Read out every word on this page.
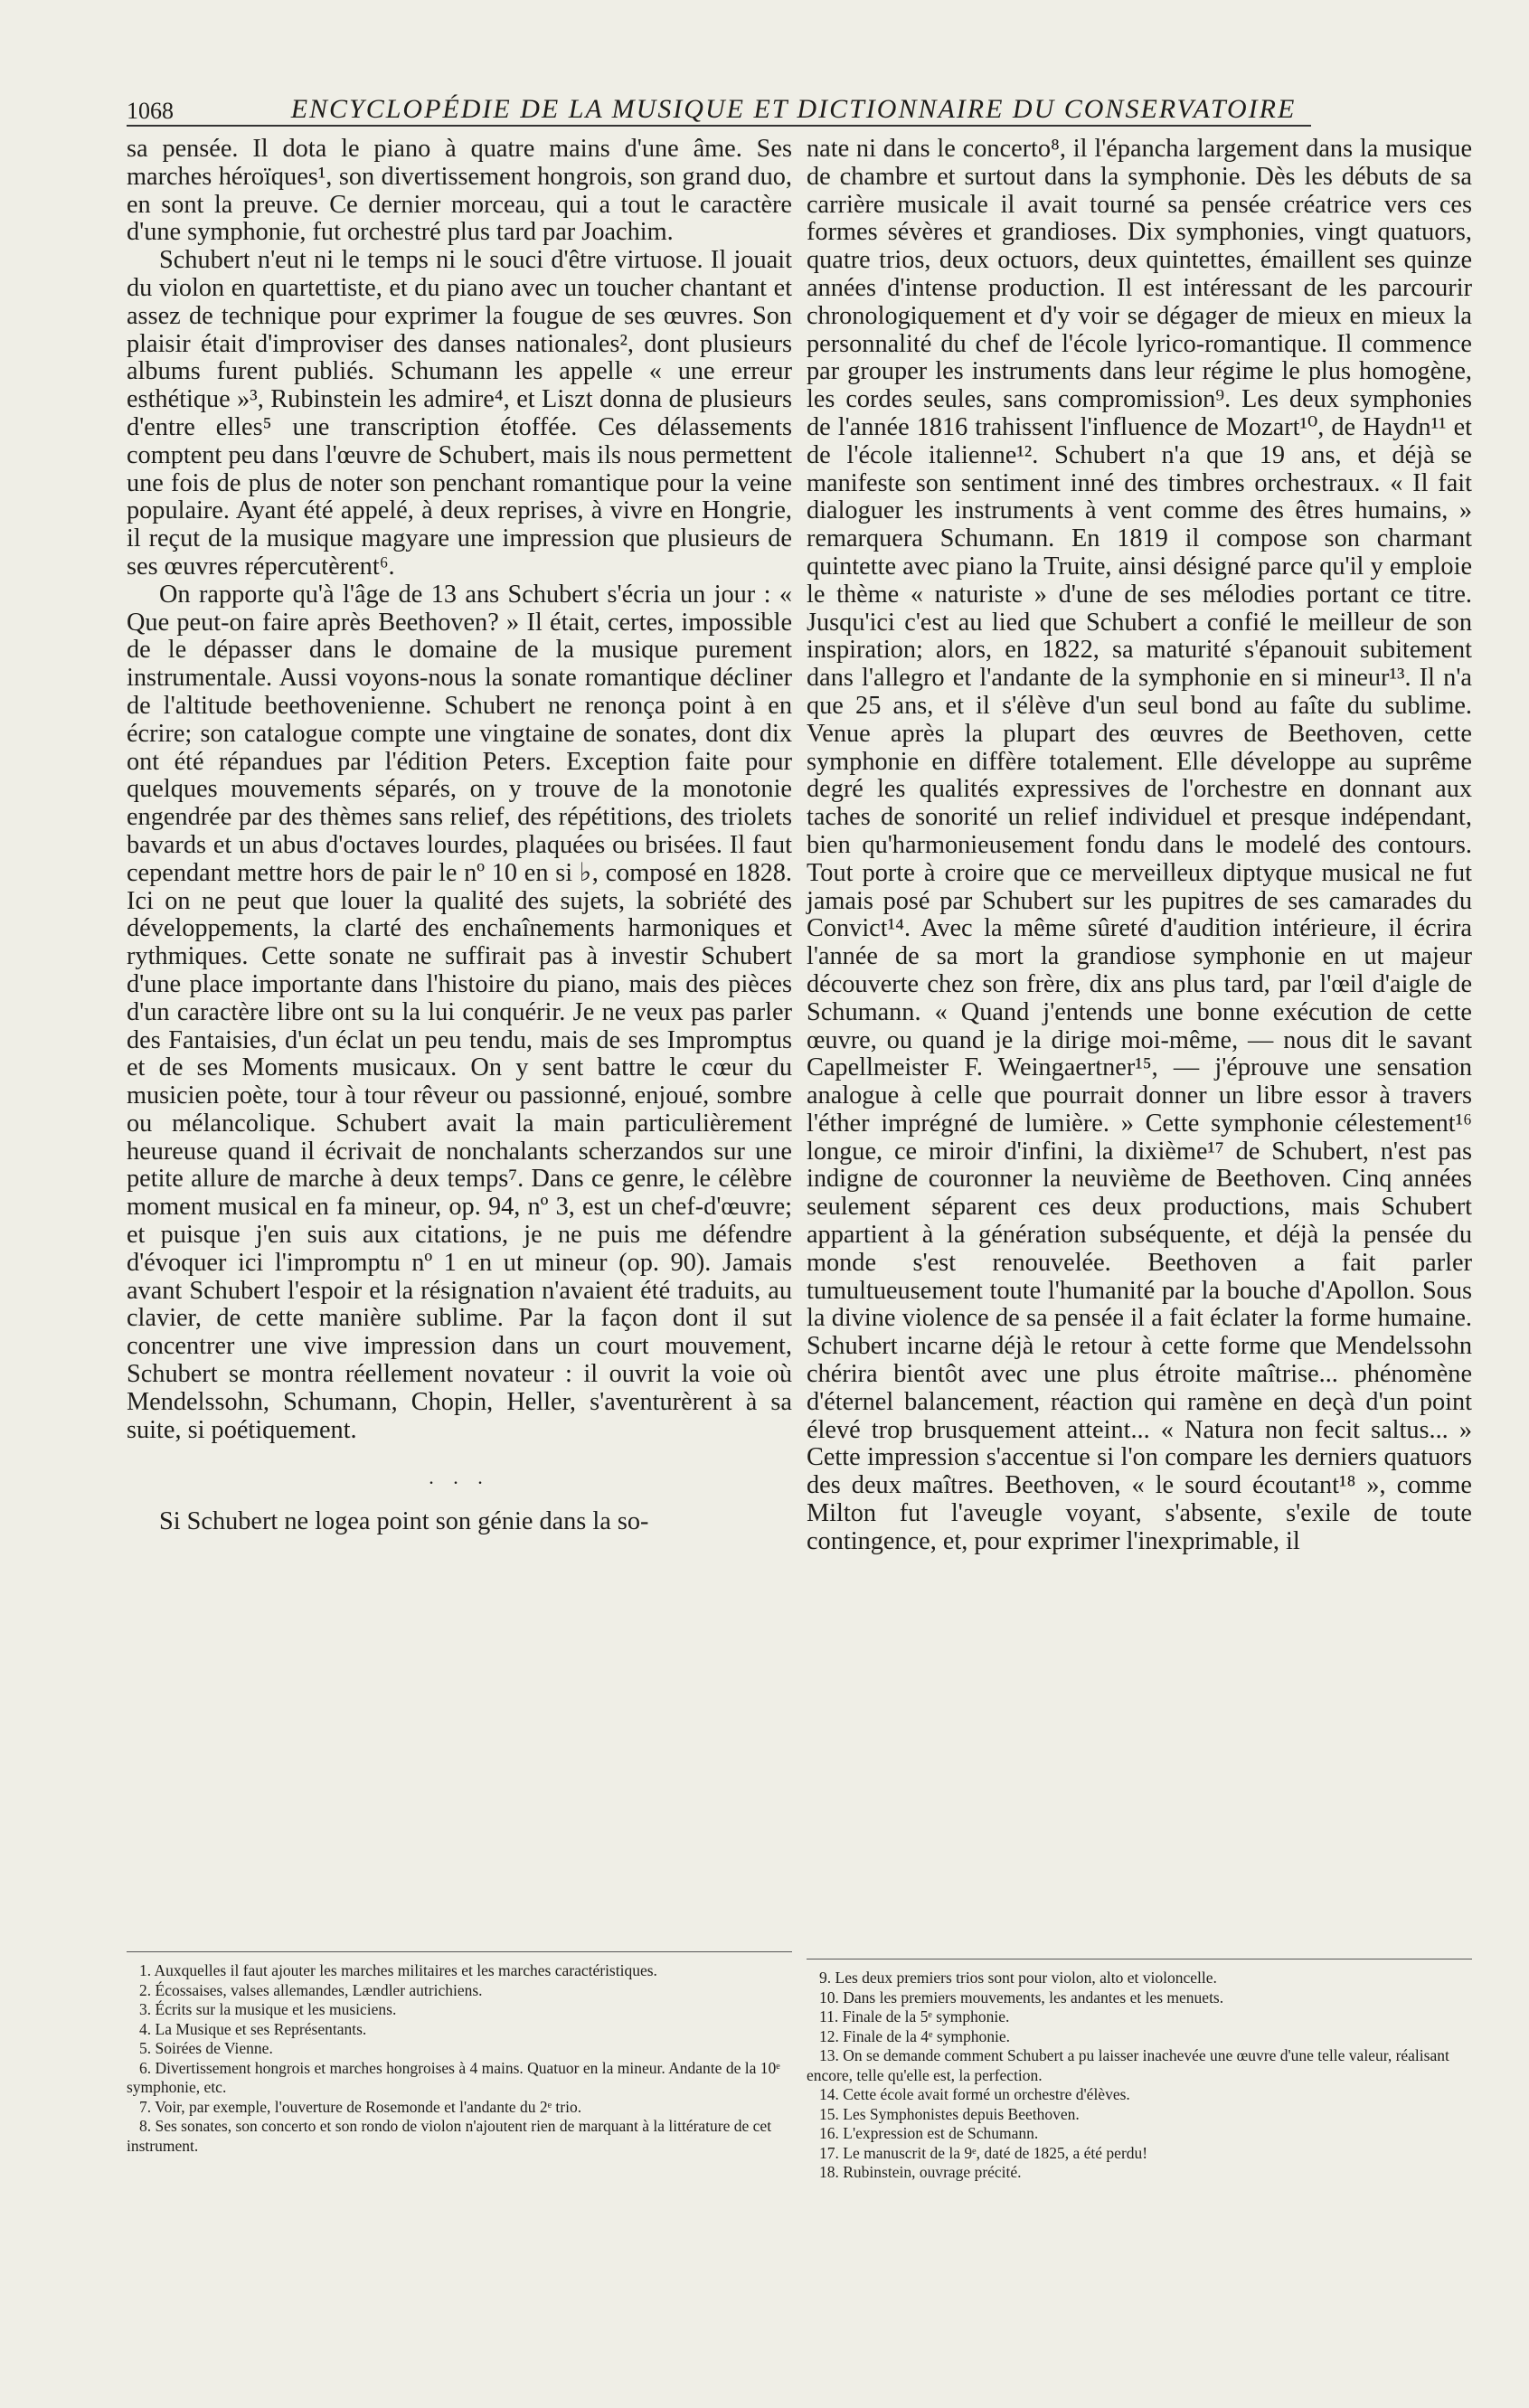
1068	ENCYCLOPÉDIE DE LA MUSIQUE ET DICTIONNAIRE DU CONSERVATOIRE

sa pensée. Il dota le piano à quatre mains d'une âme. Ses marches héroïques¹, son divertissement hongrois, son grand duo, en sont la preuve. Ce dernier morceau, qui a tout le caractère d'une symphonie, fut orchestré plus tard par Joachim.

Schubert n'eut ni le temps ni le souci d'être virtuose. Il jouait du violon en quartettiste, et du piano avec un toucher chantant et assez de technique pour exprimer la fougue de ses œuvres. Son plaisir était d'improviser des danses nationales², dont plusieurs albums furent publiés. Schumann les appelle « une erreur esthétique »³, Rubinstein les admire⁴, et Liszt donna de plusieurs d'entre elles⁵ une transcription étoffée. Ces délassements comptent peu dans l'œuvre de Schubert, mais ils nous permettent une fois de plus de noter son penchant romantique pour la veine populaire. Ayant été appelé, à deux reprises, à vivre en Hongrie, il reçut de la musique magyare une impression que plusieurs de ses œuvres répercutèrent⁶.

On rapporte qu'à l'âge de 13 ans Schubert s'écria un jour : « Que peut-on faire après Beethoven? » Il était, certes, impossible de le dépasser dans le domaine de la musique purement instrumentale. Aussi voyons-nous la sonate romantique décliner de l'altitude beethovenienne. Schubert ne renonça point à en écrire; son catalogue compte une vingtaine de sonates, dont dix ont été répandues par l'édition Peters. Exception faite pour quelques mouvements séparés, on y trouve de la monotonie engendrée par des thèmes sans relief, des répétitions, des triolets bavards et un abus d'octaves lourdes, plaquées ou brisées. Il faut cependant mettre hors de pair le nº 10 en si ♭, composé en 1828. Ici on ne peut que louer la qualité des sujets, la sobriété des développements, la clarté des enchaînements harmoniques et rythmiques. Cette sonate ne suffirait pas à investir Schubert d'une place importante dans l'histoire du piano, mais des pièces d'un caractère libre ont su la lui conquérir. Je ne veux pas parler des Fantaisies, d'un éclat un peu tendu, mais de ses Impromptus et de ses Moments musicaux. On y sent battre le cœur du musicien poète, tour à tour rêveur ou passionné, enjoué, sombre ou mélancolique. Schubert avait la main particulièrement heureuse quand il écrivait de nonchalants scherzandos sur une petite allure de marche à deux temps⁷. Dans ce genre, le célèbre moment musical en fa mineur, op. 94, nº 3, est un chef-d'œuvre; et puisque j'en suis aux citations, je ne puis me défendre d'évoquer ici l'impromptu nº 1 en ut mineur (op. 90). Jamais avant Schubert l'espoir et la résignation n'avaient été traduits, au clavier, de cette manière sublime. Par la façon dont il sut concentrer une vive impression dans un court mouvement, Schubert se montra réellement novateur : il ouvrit la voie où Mendelssohn, Schumann, Chopin, Heller, s'aventurèrent à sa suite, si poétiquement.

. . .

Si Schubert ne logea point son génie dans la so-

nate ni dans le concerto⁸, il l'épancha largement dans la musique de chambre et surtout dans la symphonie. Dès les débuts de sa carrière musicale il avait tourné sa pensée créatrice vers ces formes sévères et grandioses. Dix symphonies, vingt quatuors, quatre trios, deux octuors, deux quintettes, émaillent ses quinze années d'intense production. Il est intéressant de les parcourir chronologiquement et d'y voir se dégager de mieux en mieux la personnalité du chef de l'école lyrico-romantique. Il commence par grouper les instruments dans leur régime le plus homogène, les cordes seules, sans compromission⁹. Les deux symphonies de l'année 1816 trahissent l'influence de Mozart¹⁰, de Haydn¹¹ et de l'école italienne¹². Schubert n'a que 19 ans, et déjà se manifeste son sentiment inné des timbres orchestraux. « Il fait dialoguer les instruments à vent comme des êtres humains, » remarquera Schumann. En 1819 il compose son charmant quintette avec piano la Truite, ainsi désigné parce qu'il y emploie le thème « naturiste » d'une de ses mélodies portant ce titre. Jusqu'ici c'est au lied que Schubert a confié le meilleur de son inspiration; alors, en 1822, sa maturité s'épanouit subitement dans l'allegro et l'andante de la symphonie en si mineur¹³. Il n'a que 25 ans, et il s'élève d'un seul bond au faîte du sublime. Venue après la plupart des œuvres de Beethoven, cette symphonie en diffère totalement. Elle développe au suprême degré les qualités expressives de l'orchestre en donnant aux taches de sonorité un relief individuel et presque indépendant, bien qu'harmonieusement fondu dans le modelé des contours. Tout porte à croire que ce merveilleux diptyque musical ne fut jamais posé par Schubert sur les pupitres de ses camarades du Convict¹⁴. Avec la même sûreté d'audition intérieure, il écrira l'année de sa mort la grandiose symphonie en ut majeur découverte chez son frère, dix ans plus tard, par l'œil d'aigle de Schumann. « Quand j'entends une bonne exécution de cette œuvre, ou quand je la dirige moi-même, — nous dit le savant Capellmeister F. Weingaertner¹⁵, — j'éprouve une sensation analogue à celle que pourrait donner un libre essor à travers l'éther imprégné de lumière. » Cette symphonie célestement¹⁶ longue, ce miroir d'infini, la dixième¹⁷ de Schubert, n'est pas indigne de couronner la neuvième de Beethoven. Cinq années seulement séparent ces deux productions, mais Schubert appartient à la génération subséquente, et déjà la pensée du monde s'est renouvelée. Beethoven a fait parler tumultueusement toute l'humanité par la bouche d'Apollon. Sous la divine violence de sa pensée il a fait éclater la forme humaine. Schubert incarne déjà le retour à cette forme que Mendelssohn chérira bientôt avec une plus étroite maîtrise... phénomène d'éternel balancement, réaction qui ramène en deçà d'un point élevé trop brusquement atteint... « Natura non fecit saltus... » Cette impression s'accentue si l'on compare les derniers quatuors des deux maîtres. Beethoven, « le sourd écoutant¹⁸ », comme Milton fut l'aveugle voyant, s'absente, s'exile de toute contingence, et, pour exprimer l'inexprimable, il

1. Auxquelles il faut ajouter les marches militaires et les marches caractéristiques.
2. Écossaises, valses allemandes, Lændler autrichiens.
3. Écrits sur la musique et les musiciens.
4. La Musique et ses Représentants.
5. Soirées de Vienne.
6. Divertissement hongrois et marches hongroises à 4 mains. Quatuor en la mineur. Andante de la 10ᵉ symphonie, etc.
7. Voir, par exemple, l'ouverture de Rosemonde et l'andante du 2ᵉ trio.
8. Ses sonates, son concerto et son rondo de violon n'ajoutent rien de marquant à la littérature de cet instrument.
9. Les deux premiers trios sont pour violon, alto et violoncelle.
10. Dans les premiers mouvements, les andantes et les menuets.
11. Finale de la 5ᵉ symphonie.
12. Finale de la 4ᵉ symphonie.
13. On se demande comment Schubert a pu laisser inachevée une œuvre d'une telle valeur, réalisant encore, telle qu'elle est, la perfection.
14. Cette école avait formé un orchestre d'élèves.
15. Les Symphonistes depuis Beethoven.
16. L'expression est de Schumann.
17. Le manuscrit de la 9ᵉ, daté de 1825, a été perdu!
18. Rubinstein, ouvrage précité.
